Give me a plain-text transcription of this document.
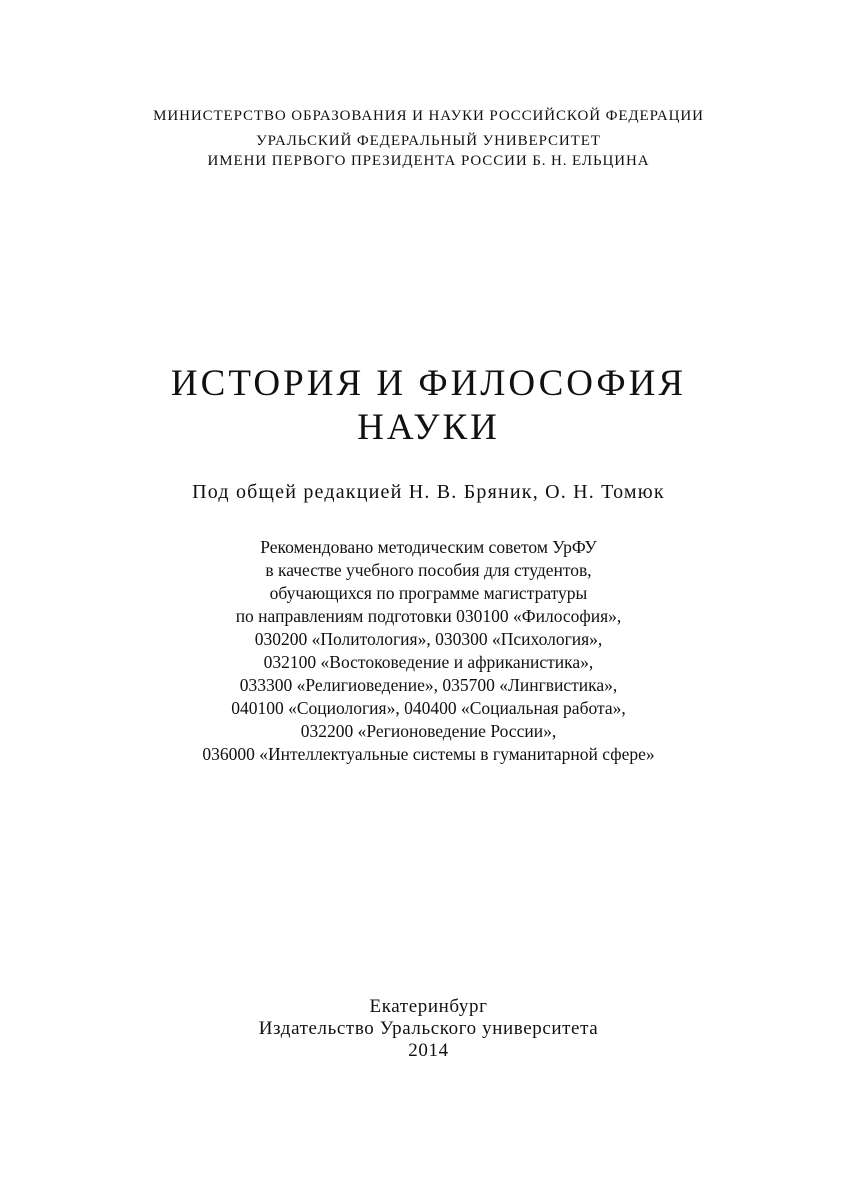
МИНИСТЕРСТВО ОБРАЗОВАНИЯ И НАУКИ РОССИЙСКОЙ ФЕДЕРАЦИИ
УРАЛЬСКИЙ ФЕДЕРАЛЬНЫЙ УНИВЕРСИТЕТ
ИМЕНИ ПЕРВОГО ПРЕЗИДЕНТА РОССИИ Б. Н. ЕЛЬЦИНА
ИСТОРИЯ И ФИЛОСОФИЯ
НАУКИ
Под общей редакцией Н. В. Бряник, О. Н. Томюк
Рекомендовано методическим советом УрФУ
в качестве учебного пособия для студентов,
обучающихся по программе магистратуры
по направлениям подготовки 030100 «Философия»,
030200 «Политология», 030300 «Психология»,
032100 «Востоковедение и африканистика»,
033300 «Религиоведение», 035700 «Лингвистика»,
040100 «Социология», 040400 «Социальная работа»,
032200 «Регионоведение России»,
036000 «Интеллектуальные системы в гуманитарной сфере»
Екатеринбург
Издательство Уральского университета
2014
